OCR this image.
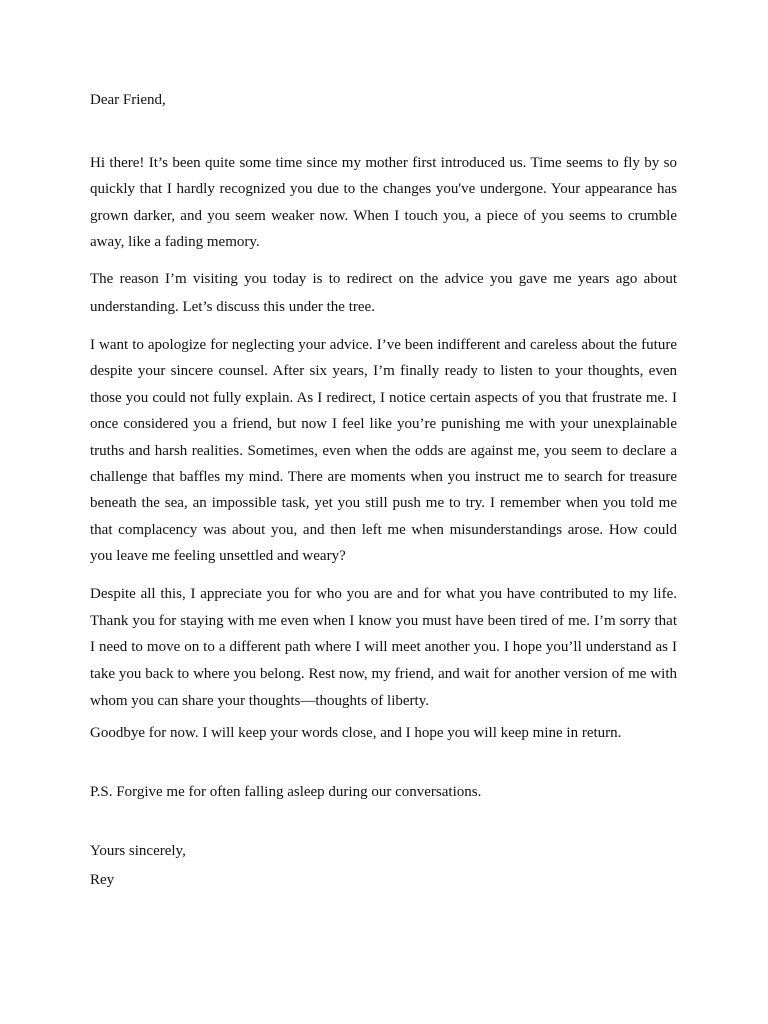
Dear Friend,

Hi there! It’s been quite some time since my mother first introduced us. Time seems to fly by so quickly that I hardly recognized you due to the changes you've undergone. Your appearance has grown darker, and you seem weaker now. When I touch you, a piece of you seems to crumble away, like a fading memory.

The reason I’m visiting you today is to redirect on the advice you gave me years ago about understanding. Let’s discuss this under the tree.

I want to apologize for neglecting your advice. I’ve been indifferent and careless about the future despite your sincere counsel. After six years, I’m finally ready to listen to your thoughts, even those you could not fully explain. As I redirect, I notice certain aspects of you that frustrate me. I once considered you a friend, but now I feel like you’re punishing me with your unexplainable truths and harsh realities. Sometimes, even when the odds are against me, you seem to declare a challenge that baffles my mind. There are moments when you instruct me to search for treasure beneath the sea, an impossible task, yet you still push me to try. I remember when you told me that complacency was about you, and then left me when misunderstandings arose. How could you leave me feeling unsettled and weary?

Despite all this, I appreciate you for who you are and for what you have contributed to my life. Thank you for staying with me even when I know you must have been tired of me. I’m sorry that I need to move on to a different path where I will meet another you. I hope you’ll understand as I take you back to where you belong. Rest now, my friend, and wait for another version of me with whom you can share your thoughts—thoughts of liberty.

Goodbye for now. I will keep your words close, and I hope you will keep mine in return.

P.S. Forgive me for often falling asleep during our conversations.

Yours sincerely,

Rey
